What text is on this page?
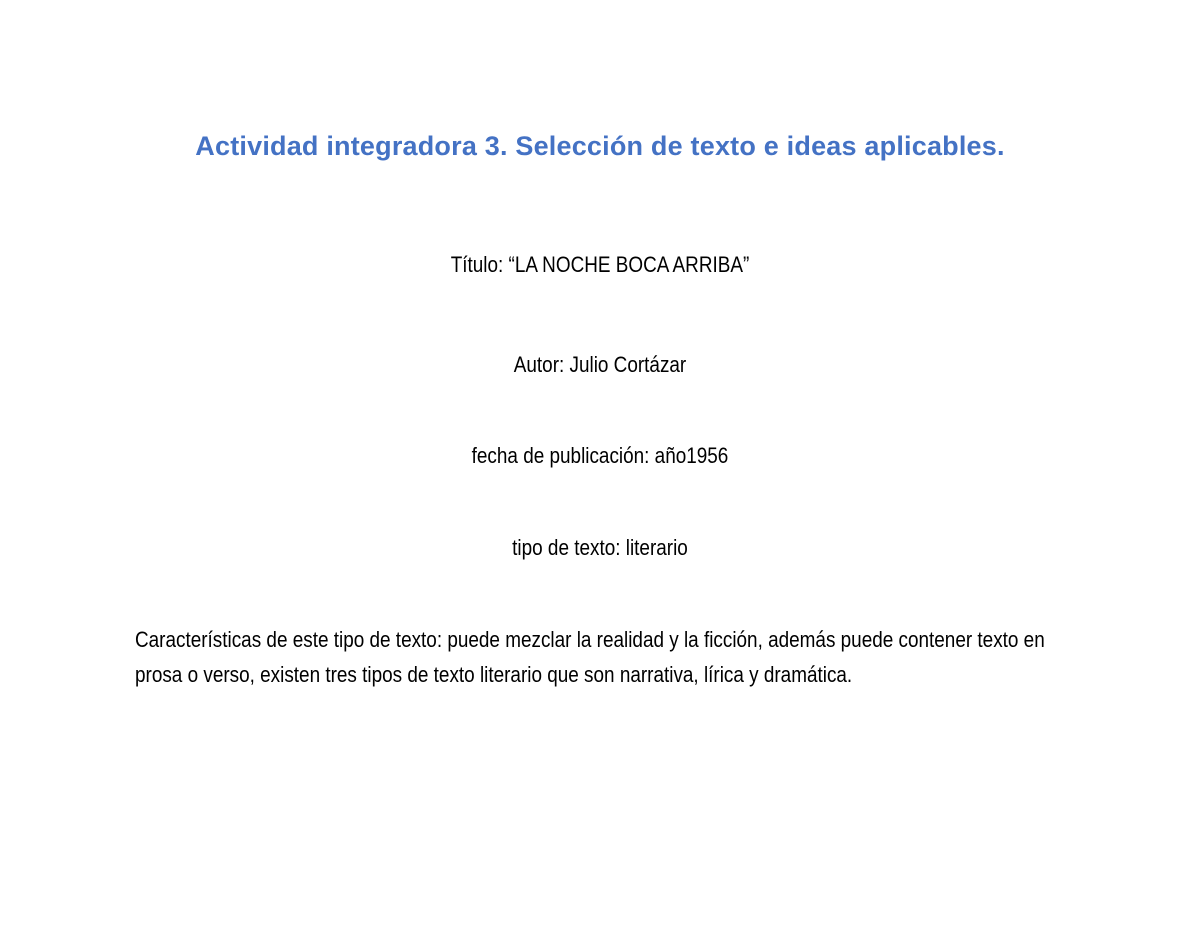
Actividad integradora 3. Selección de texto e ideas aplicables.

Título: “LA NOCHE BOCA ARRIBA”

Autor: Julio Cortázar

fecha de publicación: año1956

tipo de texto: literario

Características de este tipo de texto: puede mezclar la realidad y la ficción, además puede contener texto en prosa o verso, existen tres tipos de texto literario que son narrativa, lírica y dramática.
